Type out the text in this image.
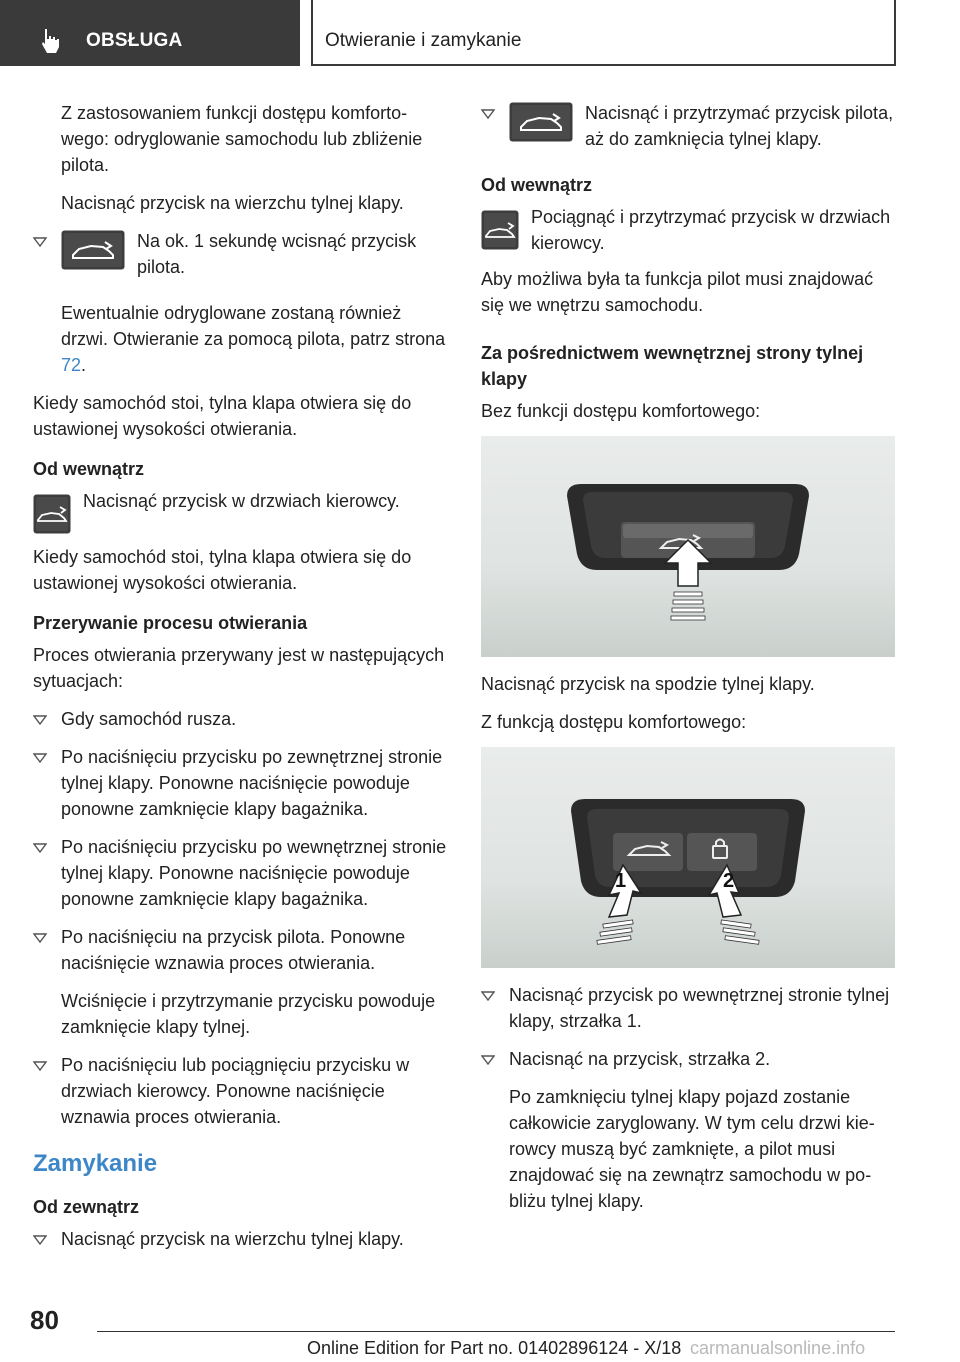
OBSŁUGA	Otwieranie i zamykanie

Z zastosowaniem funkcji dostępu komfortowego: odryglowanie samochodu lub zbliżenie pilota.

Nacisnąć przycisk na wierzchu tylnej klapy.

Na ok. 1 sekundę wcisnąć przycisk pilota.

Ewentualnie odryglowane zostaną również drzwi. Otwieranie za pomocą pilota, patrz strona 72.

Kiedy samochód stoi, tylna klapa otwiera się do ustawionej wysokości otwierania.

Od wewnątrz
Nacisnąć przycisk w drzwiach kierowcy.

Kiedy samochód stoi, tylna klapa otwiera się do ustawionej wysokości otwierania.

Przerywanie procesu otwierania

Proces otwierania przerywany jest w następujących sytuacjach:

Gdy samochód rusza.
Po naciśnięciu przycisku po zewnętrznej stronie tylnej klapy. Ponowne naciśnięcie powoduje ponowne zamknięcie klapy bagażnika.
Po naciśnięciu przycisku po wewnętrznej stronie tylnej klapy. Ponowne naciśnięcie powoduje ponowne zamknięcie klapy bagażnika.
Po naciśnięciu na przycisk pilota. Ponowne naciśnięcie wznawia proces otwierania.

Wciśnięcie i przytrzymanie przycisku powoduje zamknięcie klapy tylnej.

Po naciśnięciu lub pociągnięciu przycisku w drzwiach kierowcy. Ponowne naciśnięcie wznawia proces otwierania.
Zamykanie
Od zewnątrz
Nacisnąć przycisk na wierzchu tylnej klapy.
Nacisnąć i przytrzymać przycisk pilota, aż do zamknięcia tylnej klapy.
Od wewnątrz
Pociągnąć i przytrzymać przycisk w drzwiach kierowcy.

Aby możliwa była ta funkcja pilot musi znajdować się we wnętrzu samochodu.

Za pośrednictwem wewnętrznej strony tylnej klapy

Bez funkcji dostępu komfortowego:

Nacisnąć przycisk na spodzie tylnej klapy.

Z funkcją dostępu komfortowego:

1	2
Nacisnąć przycisk po wewnętrznej stronie tylnej klapy, strzałka 1.
Nacisnąć na przycisk, strzałka 2.

Po zamknięciu tylnej klapy pojazd zostanie całkowicie zaryglowany. W tym celu drzwi kierowcy muszą być zamknięte, a pilot musi znajdować się na zewnątrz samochodu w pobliżu tylnej klapy.

80
Online Edition for Part no. 01402896124 - X/18 carmanualsonline.info
